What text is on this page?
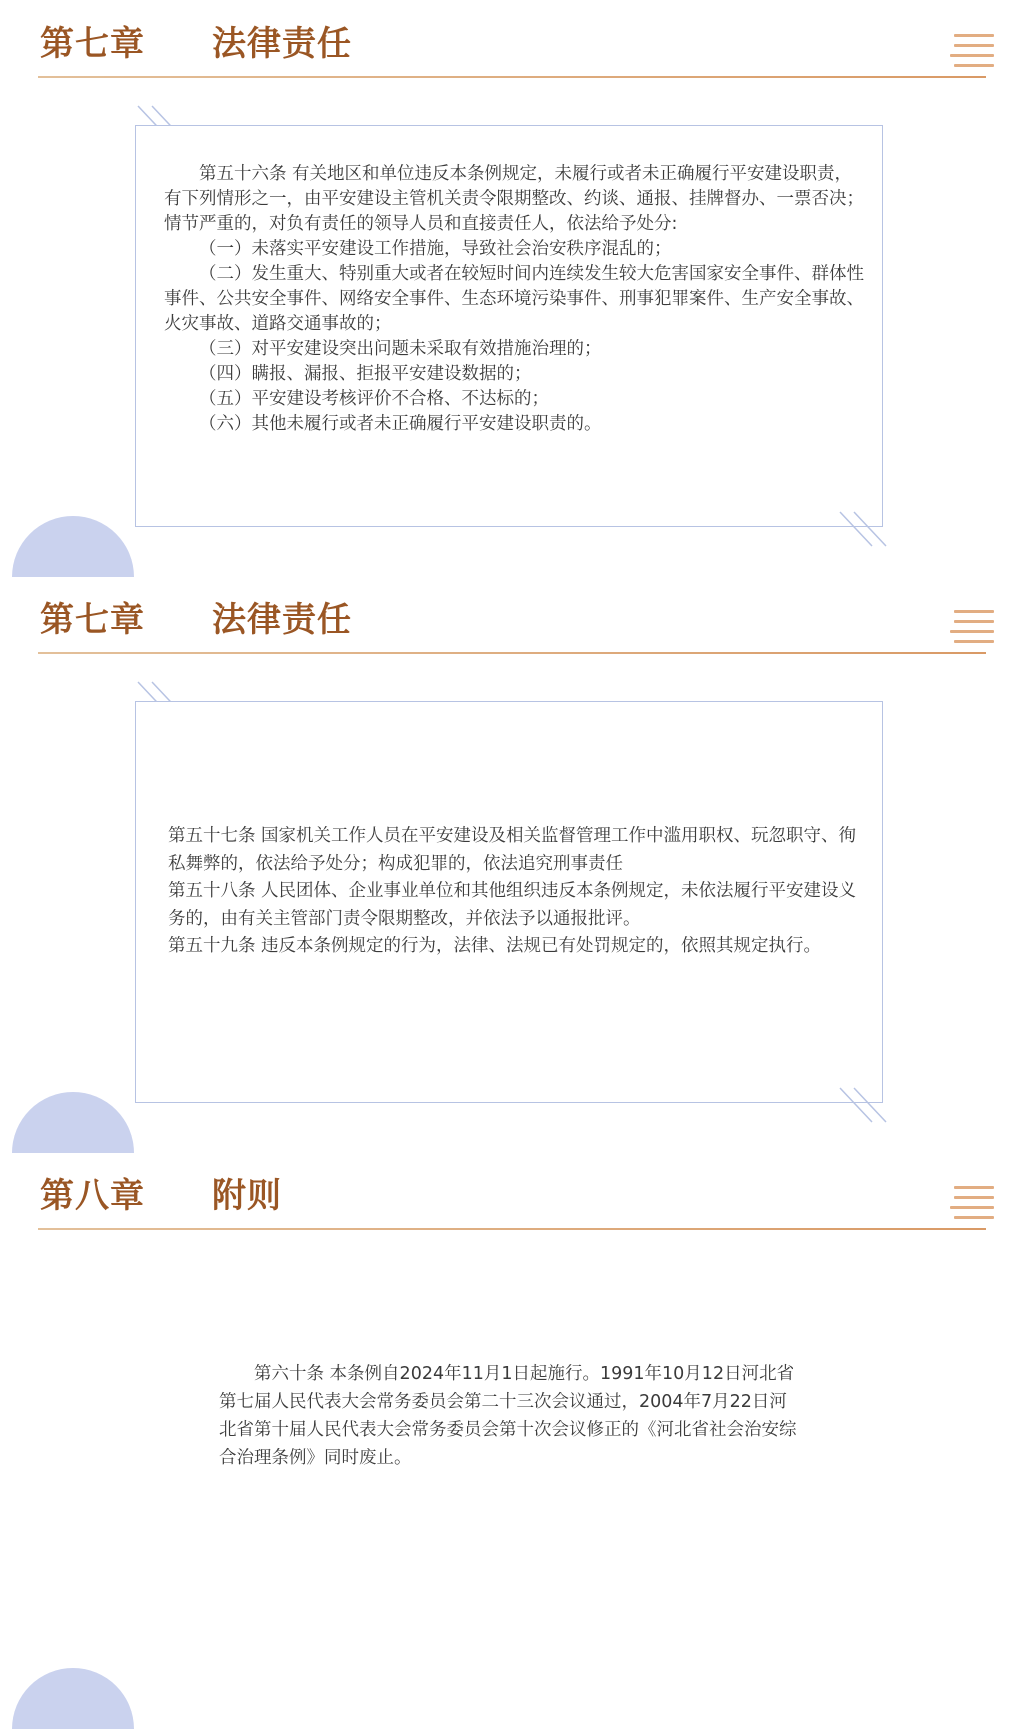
第七章 法律责任

第五十六条 有关地区和单位违反本条例规定，未履行或者未正确履行平安建设职责，有下列情形之一，由平安建设主管机关责令限期整改、约谈、通报、挂牌督办、一票否决；情节严重的，对负有责任的领导人员和直接责任人，依法给予处分:

（一）未落实平安建设工作措施，导致社会治安秩序混乱的；

（二）发生重大、特别重大或者在较短时间内连续发生较大危害国家安全事件、群体性事件、公共安全事件、网络安全事件、生态环境污染事件、刑事犯罪案件、生产安全事故、火灾事故、道路交通事故的；

（三）对平安建设突出问题未采取有效措施治理的；

（四）瞒报、漏报、拒报平安建设数据的；

（五）平安建设考核评价不合格、不达标的；

（六）其他未履行或者未正确履行平安建设职责的。

第七章 法律责任

第五十七条 国家机关工作人员在平安建设及相关监督管理工作中滥用职权、玩忽职守、徇私舞弊的，依法给予处分；构成犯罪的，依法追究刑事责任

第五十八条 人民团体、企业事业单位和其他组织违反本条例规定，未依法履行平安建设义务的，由有关主管部门责令限期整改，并依法予以通报批评。

第五十九条 违反本条例规定的行为，法律、法规已有处罚规定的，依照其规定执行。

第八章 附则

第六十条 本条例自2024年11月1日起施行。1991年10月12日河北省第七届人民代表大会常务委员会第二十三次会议通过，2004年7月22日河北省第十届人民代表大会常务委员会第十次会议修正的《河北省社会治安综合治理条例》同时废止。
